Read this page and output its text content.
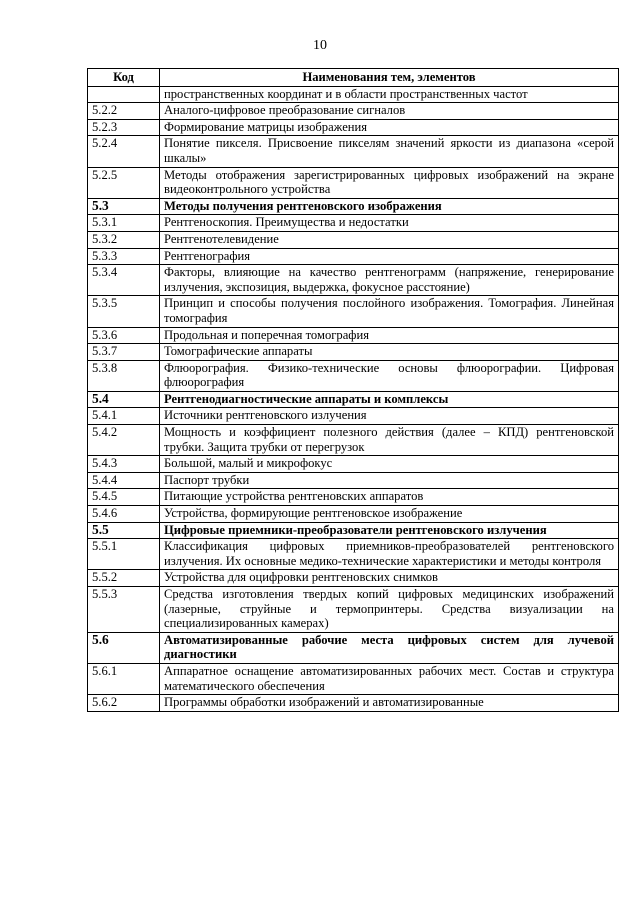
10
Код	Наименования тем, элементов
	пространственных координат и в области пространственных частот
5.2.2	Аналого-цифровое преобразование сигналов
5.2.3	Формирование матрицы изображения
5.2.4	Понятие пикселя. Присвоение пикселям значений яркости из диапазона «серой шкалы»
5.2.5	Методы отображения зарегистрированных цифровых изображений на экране видеоконтрольного устройства
5.3	Методы получения рентгеновского изображения
5.3.1	Рентгеноскопия. Преимущества и недостатки
5.3.2	Рентгенотелевидение
5.3.3	Рентгенография
5.3.4	Факторы, влияющие на качество рентгенограмм (напряжение, генерирование излучения, экспозиция, выдержка, фокусное расстояние)
5.3.5	Принцип и способы получения послойного изображения. Томография. Линейная томография
5.3.6	Продольная и поперечная томография
5.3.7	Томографические аппараты
5.3.8	Флюорография. Физико-технические основы флюорографии. Цифровая флюорография
5.4	Рентгенодиагностические аппараты и комплексы
5.4.1	Источники рентгеновского излучения
5.4.2	Мощность и коэффициент полезного действия (далее – КПД) рентгеновской трубки. Защита трубки от перегрузок
5.4.3	Большой, малый и микрофокус
5.4.4	Паспорт трубки
5.4.5	Питающие устройства рентгеновских аппаратов
5.4.6	Устройства, формирующие рентгеновское изображение
5.5	Цифровые приемники-преобразователи рентгеновского излучения
5.5.1	Классификация цифровых приемников-преобразователей рентгеновского излучения. Их основные медико-технические характеристики и методы контроля
5.5.2	Устройства для оцифровки рентгеновских снимков
5.5.3	Средства изготовления твердых копий цифровых медицинских изображений (лазерные, струйные и термопринтеры. Средства визуализации на специализированных камерах)
5.6	Автоматизированные рабочие места цифровых систем для лучевой диагностики
5.6.1	Аппаратное оснащение автоматизированных рабочих мест. Состав и структура математического обеспечения
5.6.2	Программы обработки изображений и автоматизированные
